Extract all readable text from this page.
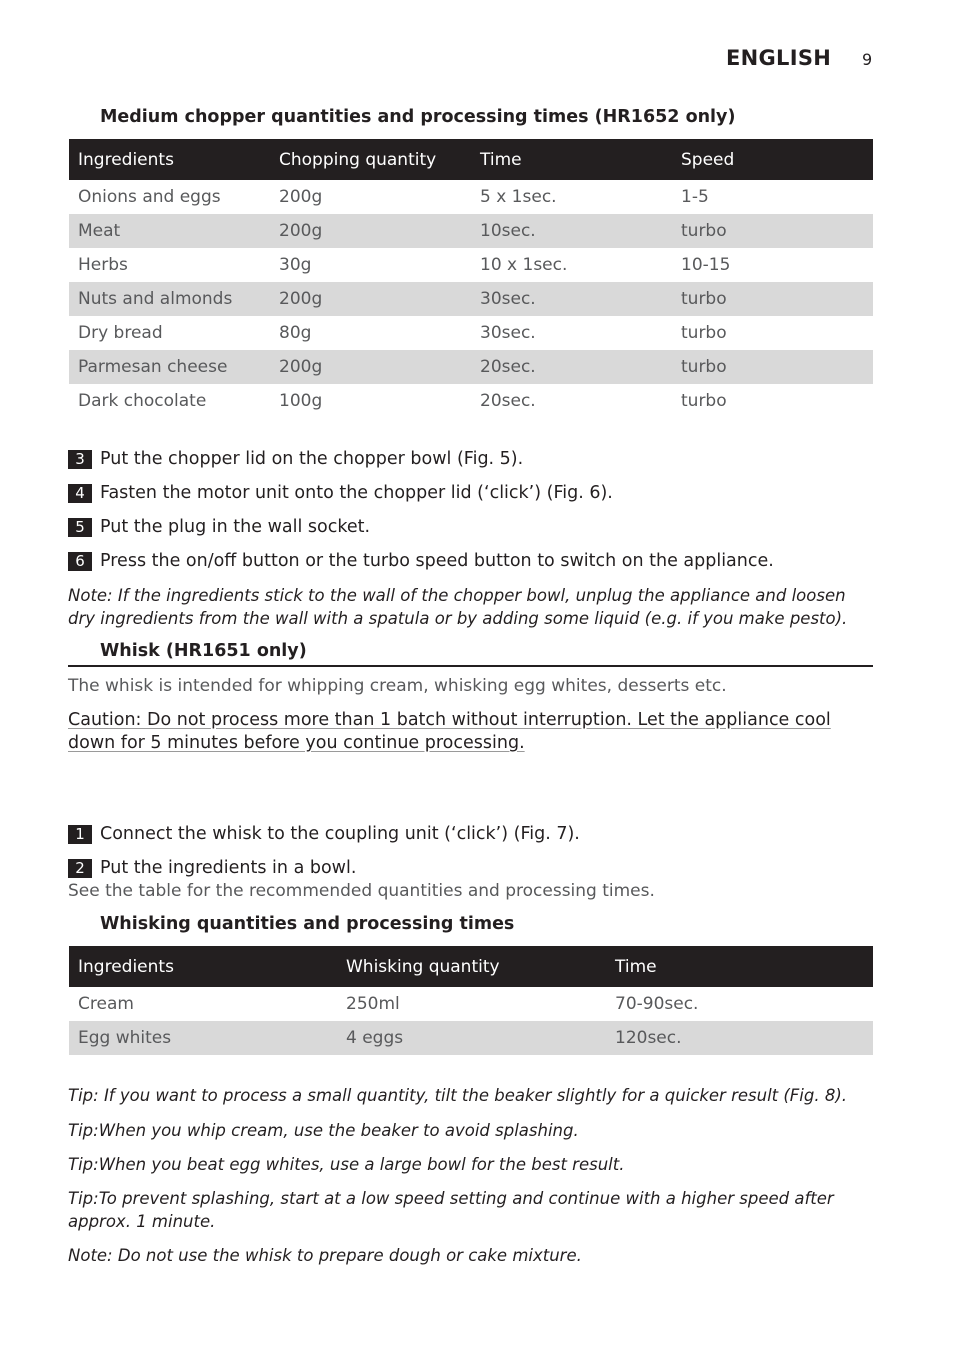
ENGLISH 9
Medium chopper quantities and processing times (HR1652 only)
Ingredients	Chopping quantity	Time	Speed
Onions and eggs	200g	5 x 1sec.	1-5
Meat	200g	10sec.	turbo
Herbs	30g	10 x 1sec.	10-15
Nuts and almonds	200g	30sec.	turbo
Dry bread	80g	30sec.	turbo
Parmesan cheese	200g	20sec.	turbo
Dark chocolate	100g	20sec.	turbo
3 Put the chopper lid on the chopper bowl (Fig. 5).
4 Fasten the motor unit onto the chopper lid (‘click’) (Fig. 6).
5 Put the plug in the wall socket.
6 Press the on/off button or the turbo speed button to switch on the appliance.
Note: If the ingredients stick to the wall of the chopper bowl, unplug the appliance and loosen dry ingredients from the wall with a spatula or by adding some liquid (e.g. if you make pesto).
Whisk (HR1651 only)
The whisk is intended for whipping cream, whisking egg whites, desserts etc.
Caution: Do not process more than 1 batch without interruption. Let the appliance cool down for 5 minutes before you continue processing.
1 Connect the whisk to the coupling unit (‘click’) (Fig. 7).
2 Put the ingredients in a bowl.
See the table for the recommended quantities and processing times.
Whisking quantities and processing times
Ingredients	Whisking quantity	Time
Cream	250ml	70-90sec.
Egg whites	4 eggs	120sec.
Tip: If you want to process a small quantity, tilt the beaker slightly for a quicker result (Fig. 8).
Tip:When you whip cream, use the beaker to avoid splashing.
Tip:When you beat egg whites, use a large bowl for the best result.
Tip:To prevent splashing, start at a low speed setting and continue with a higher speed after approx. 1 minute.
Note: Do not use the whisk to prepare dough or cake mixture.
